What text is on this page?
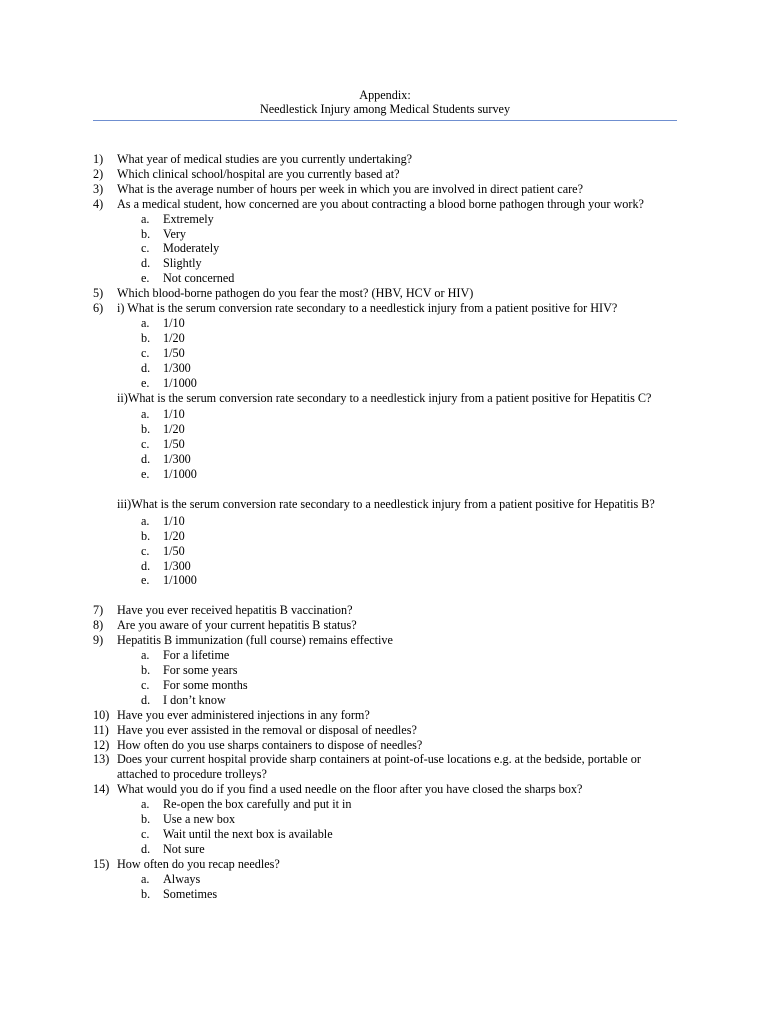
Appendix:
Needlestick Injury among Medical Students survey
1) What year of medical studies are you currently undertaking?
2) Which clinical school/hospital are you currently based at?
3) What is the average number of hours per week in which you are involved in direct patient care?
4) As a medical student, how concerned are you about contracting a blood borne pathogen through your work?
a. Extremely
b. Very
c. Moderately
d. Slightly
e. Not concerned
5) Which blood-borne pathogen do you fear the most? (HBV, HCV or HIV)
6) i) What is the serum conversion rate secondary to a needlestick injury from a patient positive for HIV?
a. 1/10
b. 1/20
c. 1/50
d. 1/300
e. 1/1000
ii)What is the serum conversion rate secondary to a needlestick injury from a patient positive for Hepatitis C?
a. 1/10
b. 1/20
c. 1/50
d. 1/300
e. 1/1000
iii)What is the serum conversion rate secondary to a needlestick injury from a patient positive for Hepatitis B?
a. 1/10
b. 1/20
c. 1/50
d. 1/300
e. 1/1000
7) Have you ever received hepatitis B vaccination?
8) Are you aware of your current hepatitis B status?
9) Hepatitis B immunization (full course) remains effective
a. For a lifetime
b. For some years
c. For some months
d. I don’t know
10) Have you ever administered injections in any form?
11) Have you ever assisted in the removal or disposal of needles?
12) How often do you use sharps containers to dispose of needles?
13) Does your current hospital provide sharp containers at point-of-use locations e.g. at the bedside, portable or attached to procedure trolleys?
14) What would you do if you find a used needle on the floor after you have closed the sharps box?
a. Re-open the box carefully and put it in
b. Use a new box
c. Wait until the next box is available
d. Not sure
15) How often do you recap needles?
a. Always
b. Sometimes
